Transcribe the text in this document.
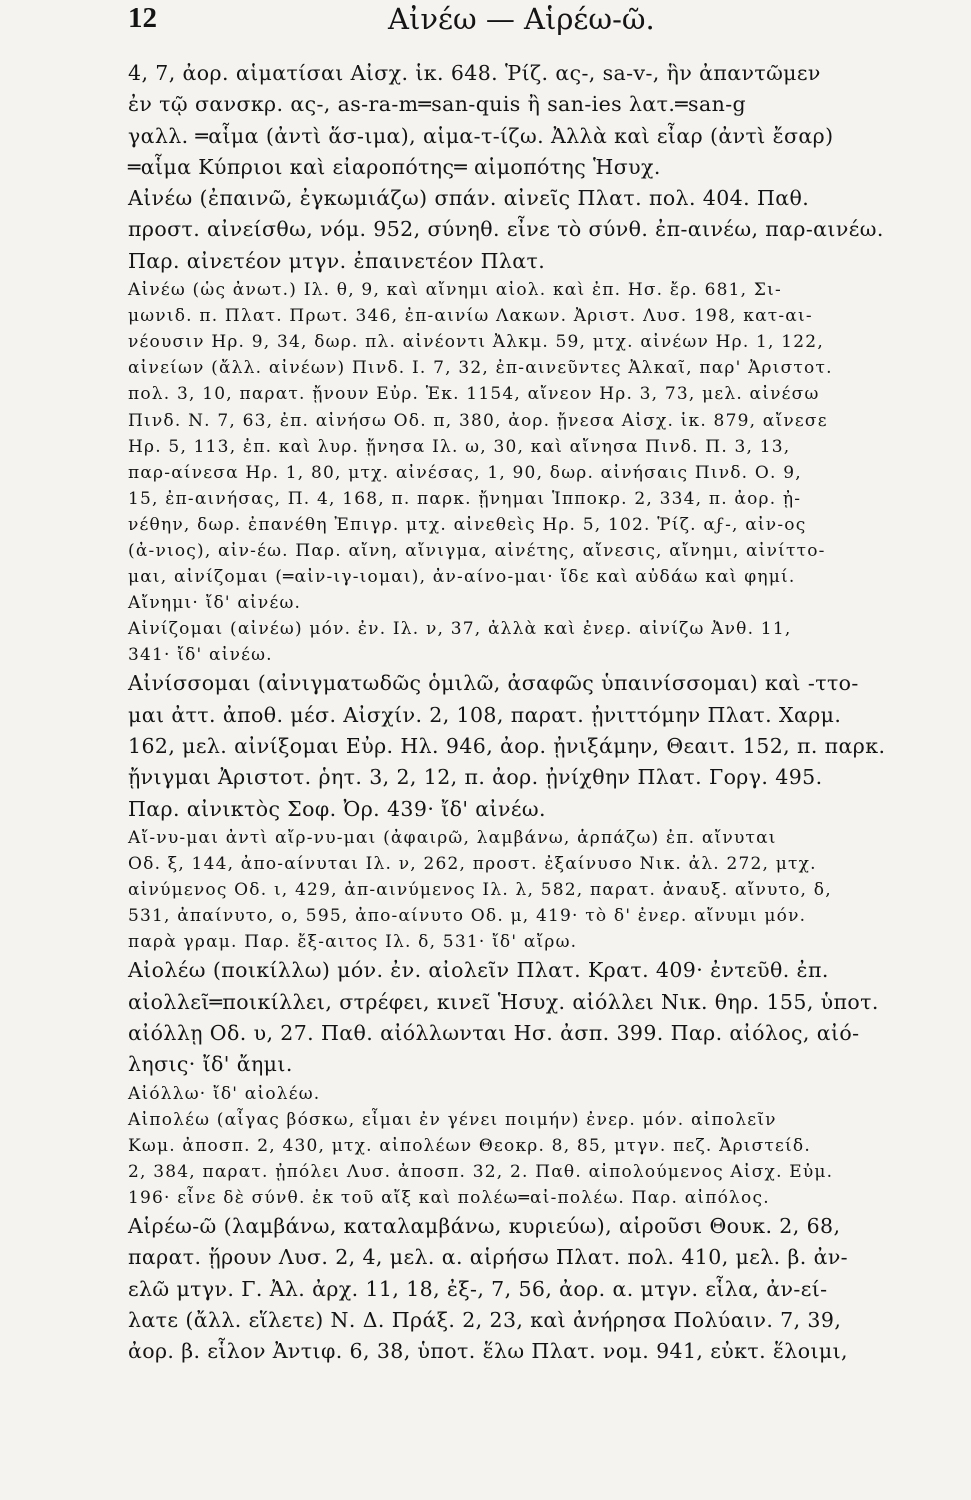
12	Αἰνέω — Αἱρέω-ῶ.
4, 7, ἀορ. αἱματίσαι Αἰσχ. ἱκ. 648. Ῥίζ. ας-, sa-v-, ἣν ἀπαντῶμεν
ἐν τῷ σανσκρ. ας-, as-ra-m═san-quis ἢ san-ies λατ.═san-g
γαλλ. ═αἷμα (ἀντὶ ἅσ-ιμα), αἱμα-τ-ίζω. Ἀλλὰ καὶ εἶαρ (ἀντὶ ἔσαρ)
═αἷμα Κύπριοι καὶ εἰαροπότης═ αἱμοπότης Ἡσυχ.
Αἰνέω (ἐπαινῶ, ἐγκωμιάζω) σπάν. αἰνεῖς Πλατ. πολ. 404. Παθ.
προστ. αἰνείσθω, νόμ. 952, σύνηθ. εἶνε τὸ σύνθ. ἐπ-αινέω, παρ-αινέω.
Παρ. αἰνετέον μτγν. ἐπαινετέον Πλατ.
Αἰνέω (ὡς ἀνωτ.) Ιλ. θ, 9, καὶ αἴνημι αἰολ. καὶ ἐπ. Ησ. ἔρ. 681, Σι-
μωνιδ. π. Πλατ. Πρωτ. 346, ἐπ-αινίω Λακων. Ἀριστ. Λυσ. 198, κατ-αι-
νέουσιν Ηρ. 9, 34, δωρ. πλ. αἰνέοντι Ἀλκμ. 59, μτχ. αἰνέων Ηρ. 1, 122,
αἰνείων (ἄλλ. αἰνέων) Πινδ. Ι. 7, 32, ἐπ-αινεῦντες Ἀλκαῖ, παρ' Ἀριστοτ.
πολ. 3, 10, παρατ. ᾔνουν Εὐρ. Ἑκ. 1154, αἴνεον Ηρ. 3, 73, μελ. αἰνέσω
Πινδ. Ν. 7, 63, ἐπ. αἰνήσω Οδ. π, 380, ἀορ. ᾔνεσα Αἰσχ. ἱκ. 879, αἴνεσε
Ηρ. 5, 113, ἐπ. καὶ λυρ. ᾔνησα Ιλ. ω, 30, καὶ αἴνησα Πινδ. Π. 3, 13,
παρ-αίνεσα Ηρ. 1, 80, μτχ. αἰνέσας, 1, 90, δωρ. αἰνήσαις Πινδ. Ο. 9,
15, ἐπ-αινήσας, Π. 4, 168, π. παρκ. ᾔνημαι Ἱπποκρ. 2, 334, π. ἀορ. ᾐ-
νέθην, δωρ. ἐπανέθη Ἐπιγρ. μτχ. αἰνεθεὶς Ηρ. 5, 102. Ῥίζ. αϝ-, αἰν-ος
(ἀ-νιος), αἰν-έω. Παρ. αἴνη, αἴνιγμα, αἰνέτης, αἴνεσις, αἴνημι, αἰνίττο-
μαι, αἰνίζομαι (═αἰν-ιγ-ιομαι), ἀν-αίνο-μαι· ἴδε καὶ αὐδάω καὶ φημί.
Αἴνημι· ἴδ' αἰνέω.
Αἰνίζομαι (αἰνέω) μόν. ἐν. Ιλ. ν, 37, ἀλλὰ καὶ ἐνερ. αἰνίζω Ἀνθ. 11,
341· ἴδ' αἰνέω.
Αἰνίσσομαι (αἰνιγματωδῶς ὁμιλῶ, ἀσαφῶς ὑπαινίσσομαι) καὶ -ττο-
μαι ἀττ. ἀποθ. μέσ. Αἰσχίν. 2, 108, παρατ. ᾐνιττόμην Πλατ. Χαρμ.
162, μελ. αἰνίξομαι Εὐρ. Ηλ. 946, ἀορ. ᾐνιξάμην, Θεαιτ. 152, π. παρκ.
ᾔνιγμαι Ἀριστοτ. ῥητ. 3, 2, 12, π. ἀορ. ᾐνίχθην Πλατ. Γοργ. 495.
Παρ. αἰνικτὸς Σοφ. Ὀρ. 439· ἴδ' αἰνέω.
Αἴ-νυ-μαι ἀντὶ αἴρ-νυ-μαι (ἀφαιρῶ, λαμβάνω, ἁρπάζω) ἐπ. αἴνυται
Οδ. ξ, 144, ἀπο-αίνυται Ιλ. ν, 262, προστ. ἐξαίνυσο Νικ. ἀλ. 272, μτχ.
αἰνύμενος Οδ. ι, 429, ἀπ-αινύμενος Ιλ. λ, 582, παρατ. ἀναυξ. αἴνυτο, δ,
531, ἀπαίνυτο, ο, 595, ἀπο-αίνυτο Οδ. μ, 419· τὸ δ' ἐνερ. αἴνυμι μόν.
παρὰ γραμ. Παρ. ἔξ-αιτος Ιλ. δ, 531· ἴδ' αἴρω.
Αἰολέω (ποικίλλω) μόν. ἐν. αἰολεῖν Πλατ. Κρατ. 409· ἐντεῦθ. ἐπ.
αἰολλεῖ═ποικίλλει, στρέφει, κινεῖ Ἡσυχ. αἰόλλει Νικ. θηρ. 155, ὑποτ.
αἰόλλῃ Οδ. υ, 27. Παθ. αἰόλλωνται Ησ. ἀσπ. 399. Παρ. αἰόλος, αἰό-
λησις· ἴδ' ἄημι.
Αἰόλλω· ἴδ' αἰολέω.
Αἰπολέω (αἶγας βόσκω, εἶμαι ἐν γένει ποιμήν) ἐνερ. μόν. αἰπολεῖν
Κωμ. ἀποσπ. 2, 430, μτχ. αἰπολέων Θεοκρ. 8, 85, μτγν. πεζ. Ἀριστείδ.
2, 384, παρατ. ᾐπόλει Λυσ. ἀποσπ. 32, 2. Παθ. αἰπολούμενος Αἰσχ. Εὐμ.
196· εἶνε δὲ σύνθ. ἐκ τοῦ αἴξ καὶ πολέω═αἰ-πολέω. Παρ. αἰπόλος.
Αἱρέω-ῶ (λαμβάνω, καταλαμβάνω, κυριεύω), αἱροῦσι Θουκ. 2, 68,
παρατ. ᾕρουν Λυσ. 2, 4, μελ. α. αἱρήσω Πλατ. πολ. 410, μελ. β. ἀν-
ελῶ μτγν. Γ. Ἀλ. ἀρχ. 11, 18, ἐξ-, 7, 56, ἀορ. α. μτγν. εἷλα, ἀν-εί-
λατε (ἄλλ. εἵλετε) Ν. Δ. Πράξ. 2, 23, καὶ ἀνήρησα Πολύαιν. 7, 39,
ἀορ. β. εἷλον Ἀντιφ. 6, 38, ὑποτ. ἕλω Πλατ. νομ. 941, εὐκτ. ἕλοιμι,
